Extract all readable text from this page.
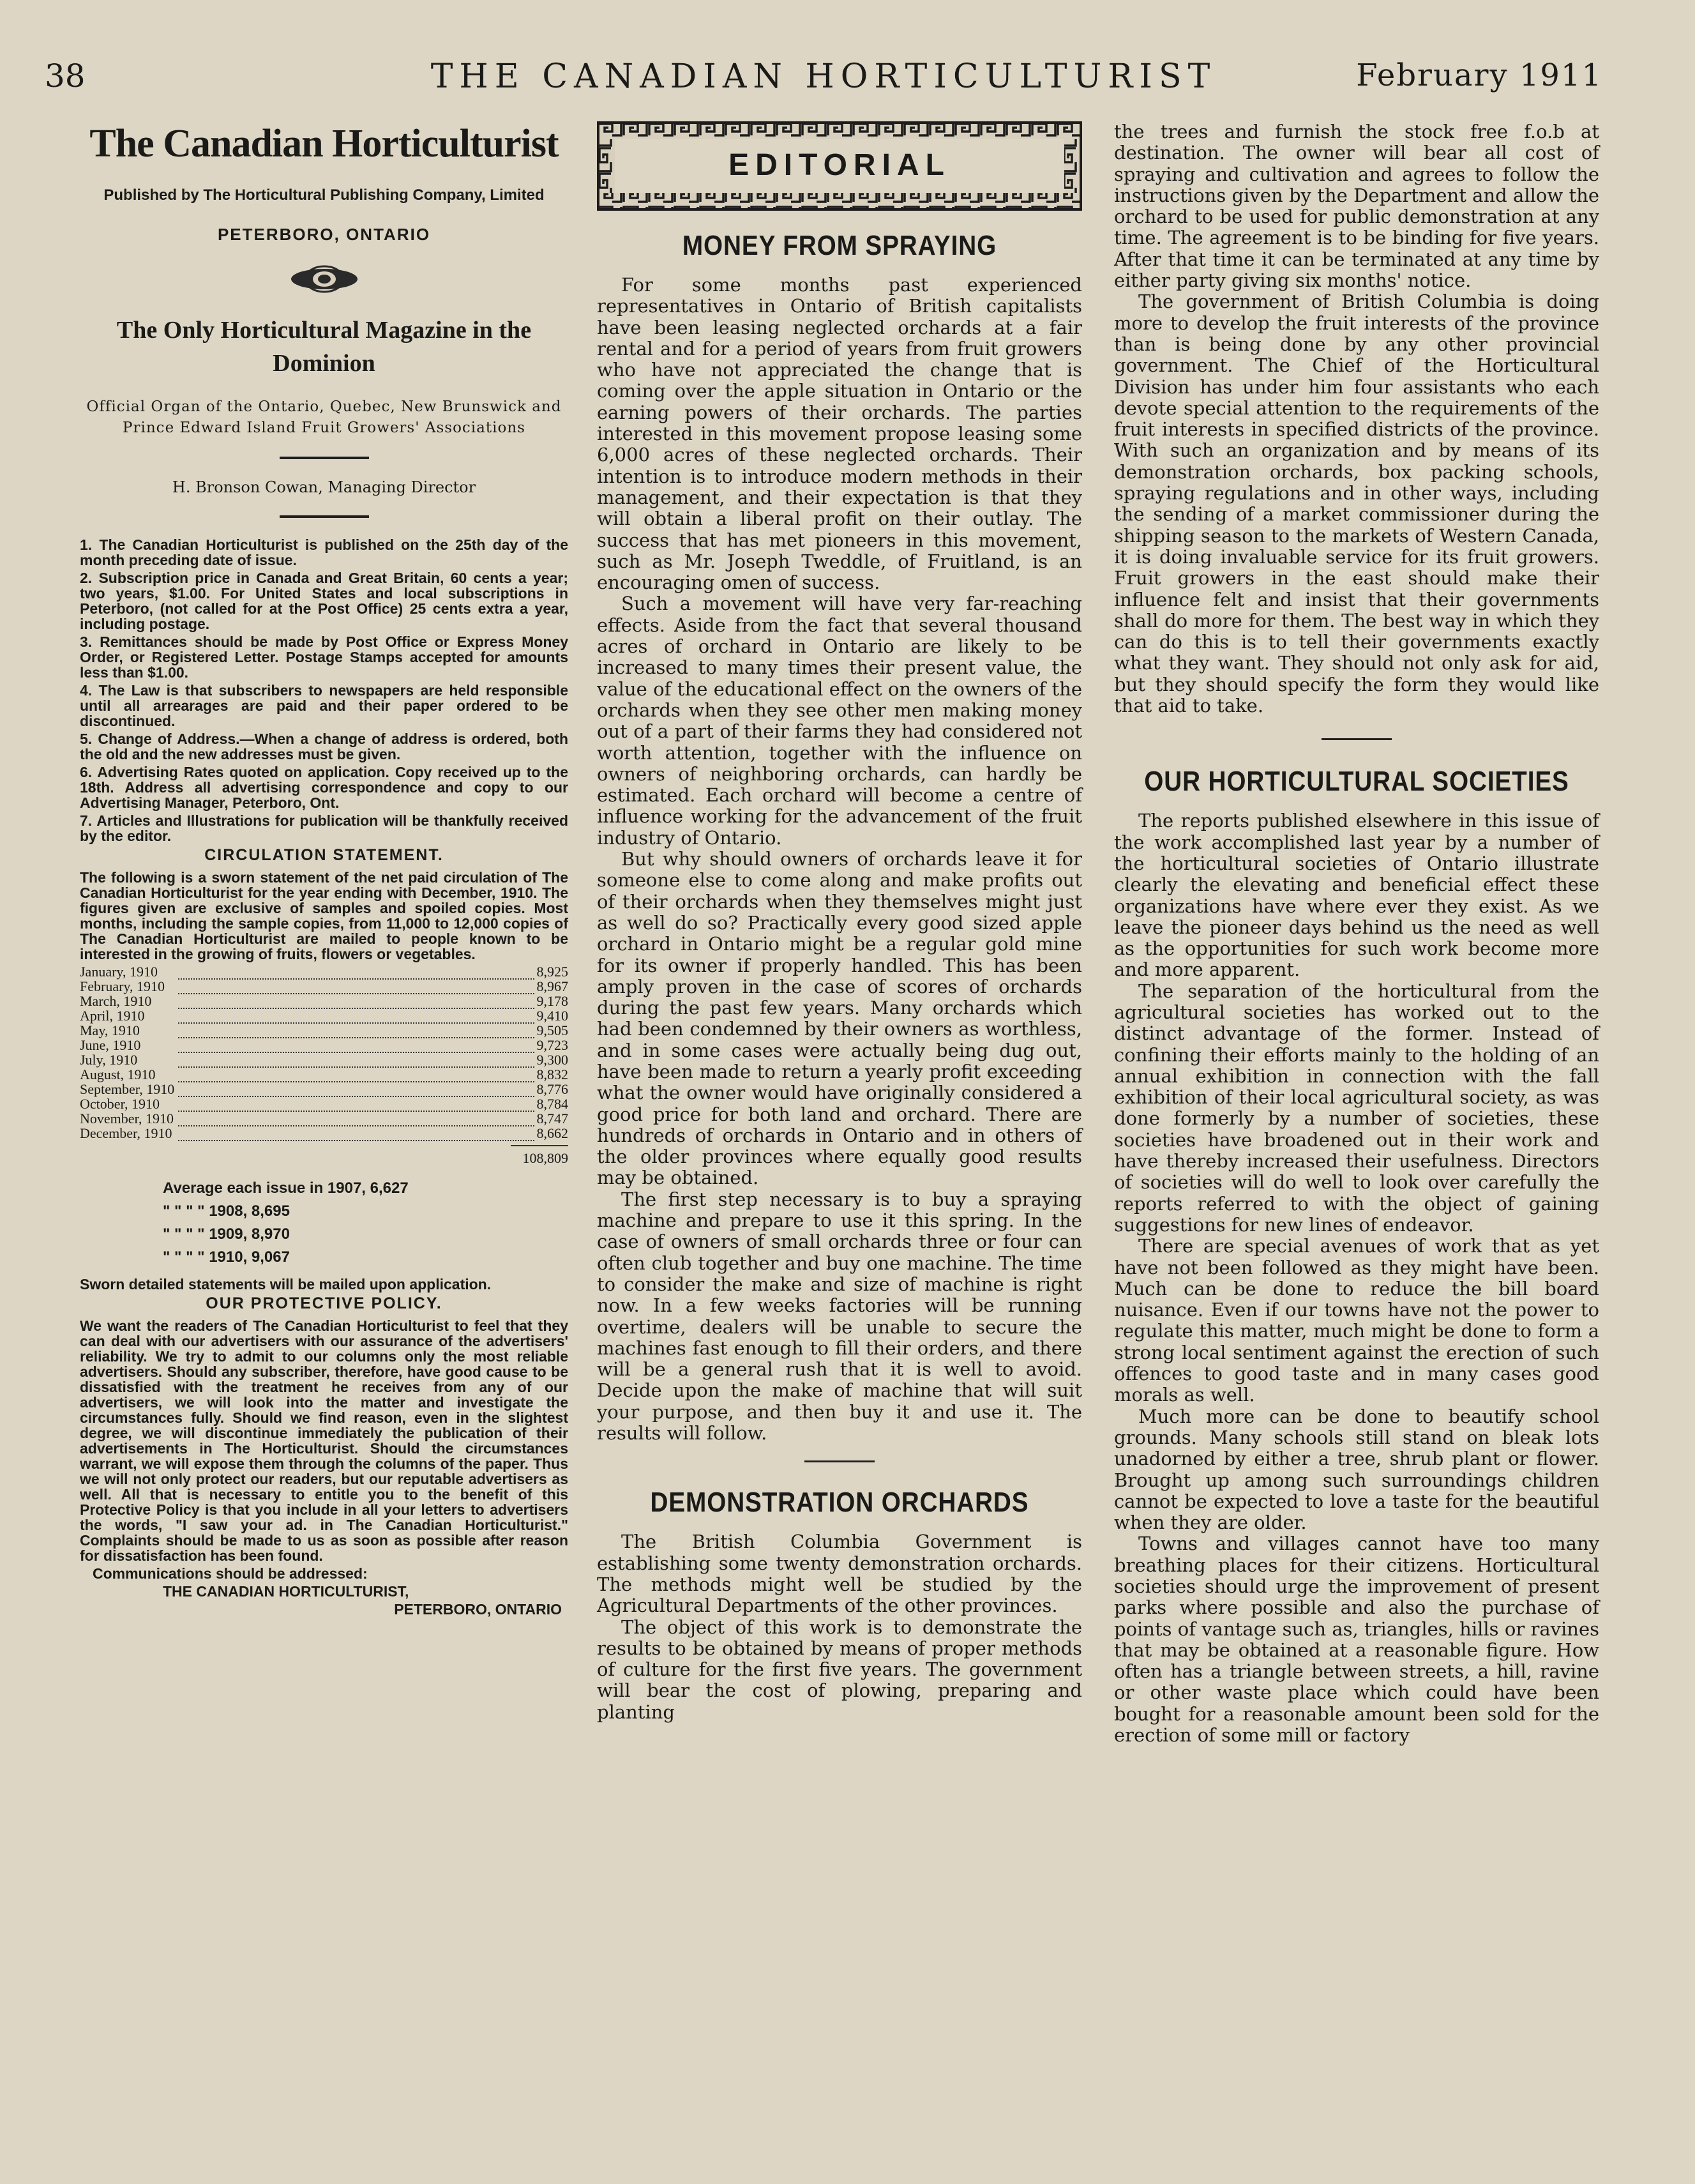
38	THE CANADIAN HORTICULTURIST	February 1911
The Canadian Horticulturist
Published by The Horticultural Publishing Company, Limited
PETERBORO, ONTARIO
The Only Horticultural Magazine in the Dominion
Official Organ of the Ontario, Quebec, New Brunswick and Prince Edward Island Fruit Growers' Associations
H. Bronson Cowan, Managing Director

1. The Canadian Horticulturist is published on the 25th day of the month preceding date of issue.

2. Subscription price in Canada and Great Britain, 60 cents a year; two years, $1.00. For United States and local subscriptions in Peterboro, (not called for at the Post Office) 25 cents extra a year, including postage.

3. Remittances should be made by Post Office or Express Money Order, or Registered Letter. Postage Stamps accepted for amounts less than $1.00.

4. The Law is that subscribers to newspapers are held responsible until all arrearages are paid and their paper ordered to be discontinued.

5. Change of Address.—When a change of address is ordered, both the old and the new addresses must be given.

6. Advertising Rates quoted on application. Copy received up to the 18th. Address all advertising correspondence and copy to our Advertising Manager, Peterboro, Ont.

7. Articles and Illustrations for publication will be thankfully received by the editor.

CIRCULATION STATEMENT.

The following is a sworn statement of the net paid circulation of The Canadian Horticulturist for the year ending with December, 1910. The figures given are exclusive of samples and spoiled copies. Most months, including the sample copies, from 11,000 to 12,000 copies of The Canadian Horticulturist are mailed to people known to be interested in the growing of fruits, flowers or vegetables.

January, 1910		8,925
February, 1910		8,967
March, 1910		9,178
April, 1910		9,410
May, 1910		9,505
June, 1910		9,723
July, 1910		9,300
August, 1910		8,832
September, 1910		8,776
October, 1910		8,784
November, 1910		8,747
December, 1910		8,662
108,809
Average each issue in 1907, 6,627
" " " " 1908, 8,695
" " " " 1909, 8,970
" " " " 1910, 9,067

Sworn detailed statements will be mailed upon application.

OUR PROTECTIVE POLICY.

We want the readers of The Canadian Horticulturist to feel that they can deal with our advertisers with our assurance of the advertisers' reliability. We try to admit to our columns only the most reliable advertisers. Should any subscriber, therefore, have good cause to be dissatisfied with the treatment he receives from any of our advertisers, we will look into the matter and investigate the circumstances fully. Should we find reason, even in the slightest degree, we will discontinue immediately the publication of their advertisements in The Horticulturist. Should the circumstances warrant, we will expose them through the columns of the paper. Thus we will not only protect our readers, but our reputable advertisers as well. All that is necessary to entitle you to the benefit of this Protective Policy is that you include in all your letters to advertisers the words, "I saw your ad. in The Canadian Horticulturist." Complaints should be made to us as soon as possible after reason for dissatisfaction has been found.

Communications should be addressed:

THE CANADIAN HORTICULTURIST,

PETERBORO, ONTARIO

EDITORIAL
MONEY FROM SPRAYING

For some months past experienced representatives in Ontario of British capitalists have been leasing neglected orchards at a fair rental and for a period of years from fruit growers who have not appreciated the change that is coming over the apple situation in Ontario or the earning powers of their orchards. The parties interested in this movement propose leasing some 6,000 acres of these neglected orchards. Their intention is to introduce modern methods in their management, and their expectation is that they will obtain a liberal profit on their outlay. The success that has met pioneers in this movement, such as Mr. Joseph Tweddle, of Fruitland, is an encouraging omen of success.

Such a movement will have very far-reaching effects. Aside from the fact that several thousand acres of orchard in Ontario are likely to be increased to many times their present value, the value of the educational effect on the owners of the orchards when they see other men making money out of a part of their farms they had considered not worth attention, together with the influence on owners of neighboring orchards, can hardly be estimated. Each orchard will become a centre of influence working for the advancement of the fruit industry of Ontario.

But why should owners of orchards leave it for someone else to come along and make profits out of their orchards when they themselves might just as well do so? Practically every good sized apple orchard in Ontario might be a regular gold mine for its owner if properly handled. This has been amply proven in the case of scores of orchards during the past few years. Many orchards which had been condemned by their owners as worthless, and in some cases were actually being dug out, have been made to return a yearly profit exceeding what the owner would have originally considered a good price for both land and orchard. There are hundreds of orchards in Ontario and in others of the older provinces where equally good results may be obtained.

The first step necessary is to buy a spraying machine and prepare to use it this spring. In the case of owners of small orchards three or four can often club together and buy one machine. The time to consider the make and size of machine is right now. In a few weeks factories will be running overtime, dealers will be unable to secure the machines fast enough to fill their orders, and there will be a general rush that it is well to avoid. Decide upon the make of machine that will suit your purpose, and then buy it and use it. The results will follow.

DEMONSTRATION ORCHARDS

The British Columbia Government is establishing some twenty demonstration orchards. The methods might well be studied by the Agricultural Departments of the other provinces.

The object of this work is to demonstrate the results to be obtained by means of proper methods of culture for the first five years. The government will bear the cost of plowing, preparing and planting

the trees and furnish the stock free f.o.b at destination. The owner will bear all cost of spraying and cultivation and agrees to follow the instructions given by the Department and allow the orchard to be used for public demonstration at any time. The agreement is to be binding for five years. After that time it can be terminated at any time by either party giving six months' notice.

The government of British Columbia is doing more to develop the fruit interests of the province than is being done by any other provincial government. The Chief of the Horticultural Division has under him four assistants who each devote special attention to the requirements of the fruit interests in specified districts of the province. With such an organization and by means of its demonstration orchards, box packing schools, spraying regulations and in other ways, including the sending of a market commissioner during the shipping season to the markets of Western Canada, it is doing invaluable service for its fruit growers. Fruit growers in the east should make their influence felt and insist that their governments shall do more for them. The best way in which they can do this is to tell their governments exactly what they want. They should not only ask for aid, but they should specify the form they would like that aid to take.

OUR HORTICULTURAL SOCIETIES

The reports published elsewhere in this issue of the work accomplished last year by a number of the horticultural societies of Ontario illustrate clearly the elevating and beneficial effect these organizations have where ever they exist. As we leave the pioneer days behind us the need as well as the opportunities for such work become more and more apparent.

The separation of the horticultural from the agricultural societies has worked out to the distinct advantage of the former. Instead of confining their efforts mainly to the holding of an annual exhibition in connection with the fall exhibition of their local agricultural society, as was done formerly by a number of societies, these societies have broadened out in their work and have thereby increased their usefulness. Directors of societies will do well to look over carefully the reports referred to with the object of gaining suggestions for new lines of endeavor.

There are special avenues of work that as yet have not been followed as they might have been. Much can be done to reduce the bill board nuisance. Even if our towns have not the power to regulate this matter, much might be done to form a strong local sentiment against the erection of such offences to good taste and in many cases good morals as well.

Much more can be done to beautify school grounds. Many schools still stand on bleak lots unadorned by either a tree, shrub plant or flower. Brought up among such surroundings children cannot be expected to love a taste for the beautiful when they are older.

Towns and villages cannot have too many breathing places for their citizens. Horticultural societies should urge the improvement of present parks where possible and also the purchase of points of vantage such as, triangles, hills or ravines that may be obtained at a reasonable figure. How often has a triangle between streets, a hill, ravine or other waste place which could have been bought for a reasonable amount been sold for the erection of some mill or factory
